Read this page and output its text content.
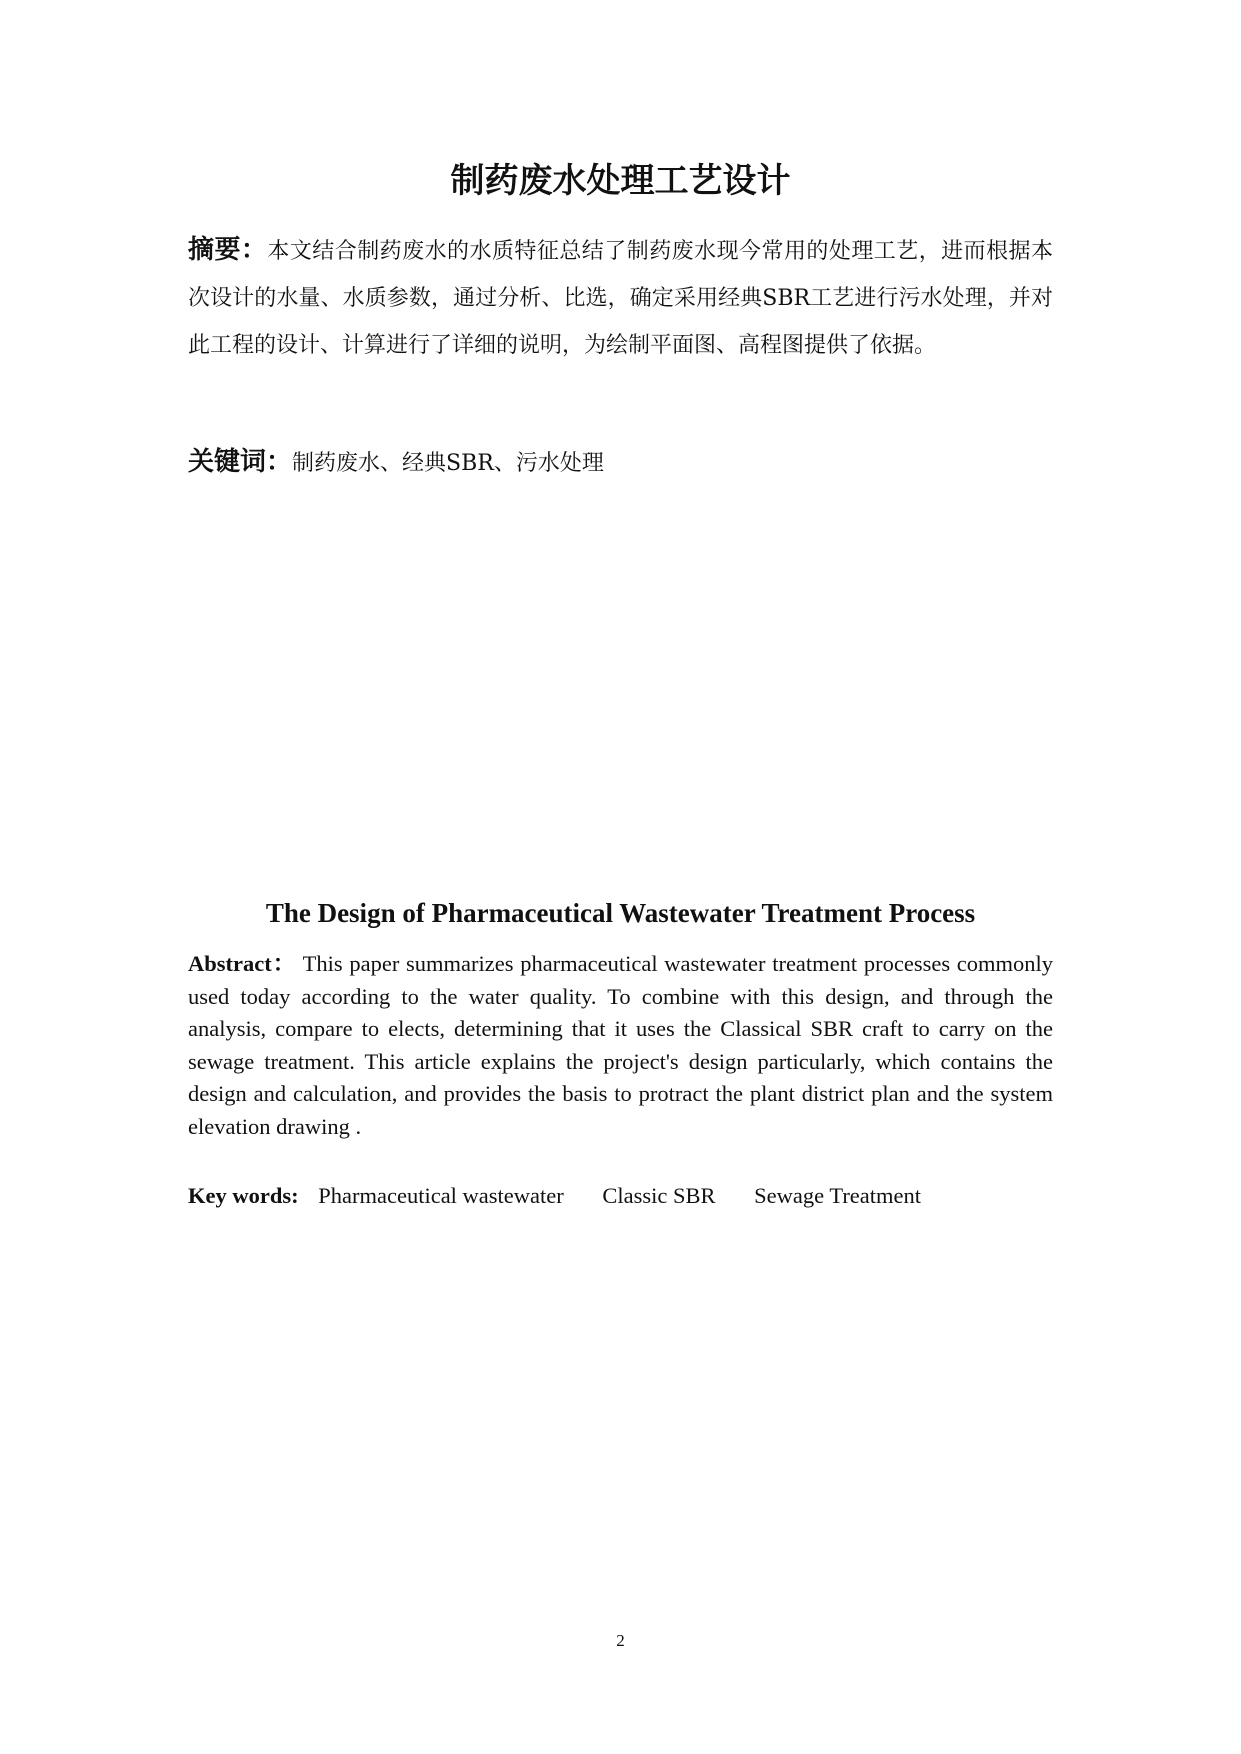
制药废水处理工艺设计

摘要：本文结合制药废水的水质特征总结了制药废水现今常用的处理工艺，进而根据本次设计的水量、水质参数，通过分析、比选，确定采用经典SBR工艺进行污水处理，并对此工程的设计、计算进行了详细的说明，为绘制平面图、高程图提供了依据。

关键词：制药废水、经典SBR、污水处理

The Design of Pharmaceutical Wastewater Treatment Process

Abstract： This paper summarizes pharmaceutical wastewater treatment processes commonly used today according to the water quality. To combine with this design, and through the analysis, compare to elects, determining that it uses the Classical SBR craft to carry on the sewage treatment. This article explains the project's design particularly, which contains the design and calculation, and provides the basis to protract the plant district plan and the system elevation drawing .

Key words: Pharmaceutical wastewater Classic SBR Sewage Treatment

2
